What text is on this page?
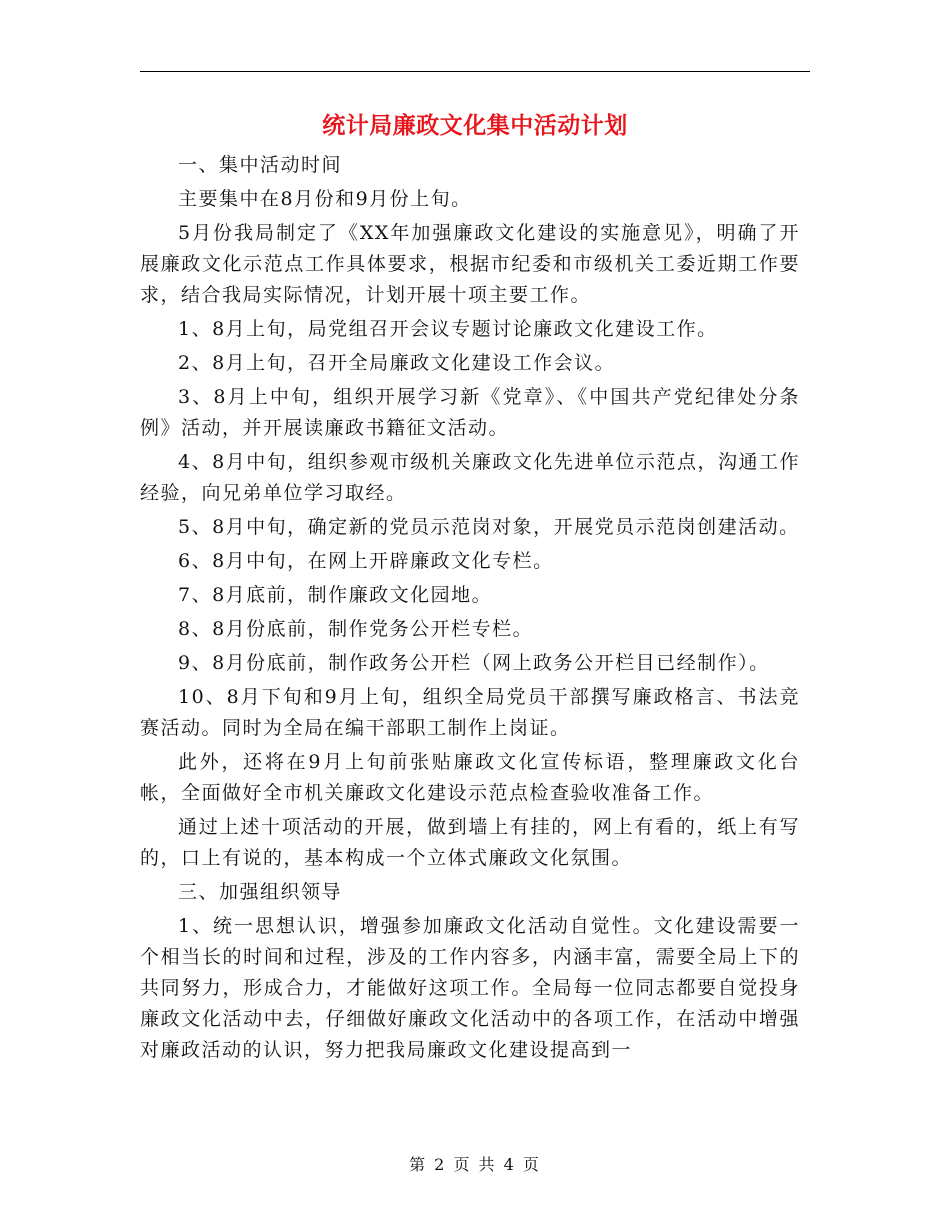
统计局廉政文化集中活动计划

一、集中活动时间

主要集中在8月份和9月份上旬。

5月份我局制定了《XX年加强廉政文化建设的实施意见》，明确了开展廉政文化示范点工作具体要求，根据市纪委和市级机关工委近期工作要求，结合我局实际情况，计划开展十项主要工作。

1、8月上旬，局党组召开会议专题讨论廉政文化建设工作。

2、8月上旬，召开全局廉政文化建设工作会议。

3、8月上中旬，组织开展学习新《党章》、《中国共产党纪律处分条例》活动，并开展读廉政书籍征文活动。

4、8月中旬，组织参观市级机关廉政文化先进单位示范点，沟通工作经验，向兄弟单位学习取经。

5、8月中旬，确定新的党员示范岗对象，开展党员示范岗创建活动。

6、8月中旬，在网上开辟廉政文化专栏。

7、8月底前，制作廉政文化园地。

8、8月份底前，制作党务公开栏专栏。

9、8月份底前，制作政务公开栏（网上政务公开栏目已经制作）。

10、8月下旬和9月上旬，组织全局党员干部撰写廉政格言、书法竞赛活动。同时为全局在编干部职工制作上岗证。

此外，还将在9月上旬前张贴廉政文化宣传标语，整理廉政文化台帐，全面做好全市机关廉政文化建设示范点检查验收准备工作。

通过上述十项活动的开展，做到墙上有挂的，网上有看的，纸上有写的，口上有说的，基本构成一个立体式廉政文化氛围。

三、加强组织领导

1、统一思想认识，增强参加廉政文化活动自觉性。文化建设需要一个相当长的时间和过程，涉及的工作内容多，内涵丰富，需要全局上下的共同努力，形成合力，才能做好这项工作。全局每一位同志都要自觉投身廉政文化活动中去，仔细做好廉政文化活动中的各项工作，在活动中增强对廉政活动的认识，努力把我局廉政文化建设提高到一

第 2 页 共 4 页
